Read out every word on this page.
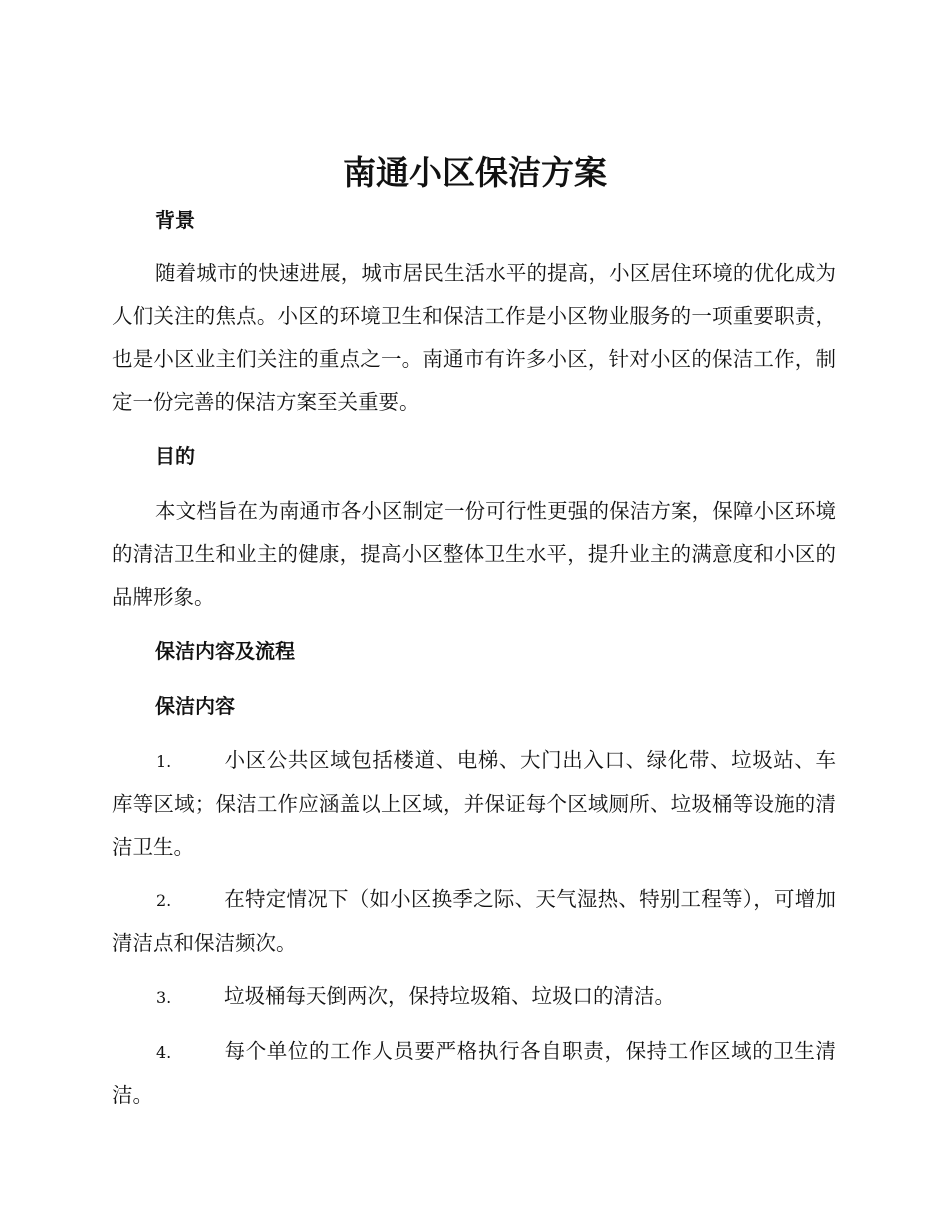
南通小区保洁方案
背景

随着城市的快速进展，城市居民生活水平的提高，小区居住环境的优化成为人们关注的焦点。小区的环境卫生和保洁工作是小区物业服务的一项重要职责，也是小区业主们关注的重点之一。南通市有许多小区，针对小区的保洁工作，制定一份完善的保洁方案至关重要。

目的

本文档旨在为南通市各小区制定一份可行性更强的保洁方案，保障小区环境的清洁卫生和业主的健康，提高小区整体卫生水平，提升业主的满意度和小区的品牌形象。

保洁内容及流程
保洁内容

1.	小区公共区域包括楼道、电梯、大门出入口、绿化带、垃圾站、车库等区域；保洁工作应涵盖以上区域，并保证每个区域厕所、垃圾桶等设施的清洁卫生。

2.	在特定情况下（如小区换季之际、天气湿热、特别工程等），可增加清洁点和保洁频次。

3.	垃圾桶每天倒两次，保持垃圾箱、垃圾口的清洁。

4.	每个单位的工作人员要严格执行各自职责，保持工作区域的卫生清洁。
